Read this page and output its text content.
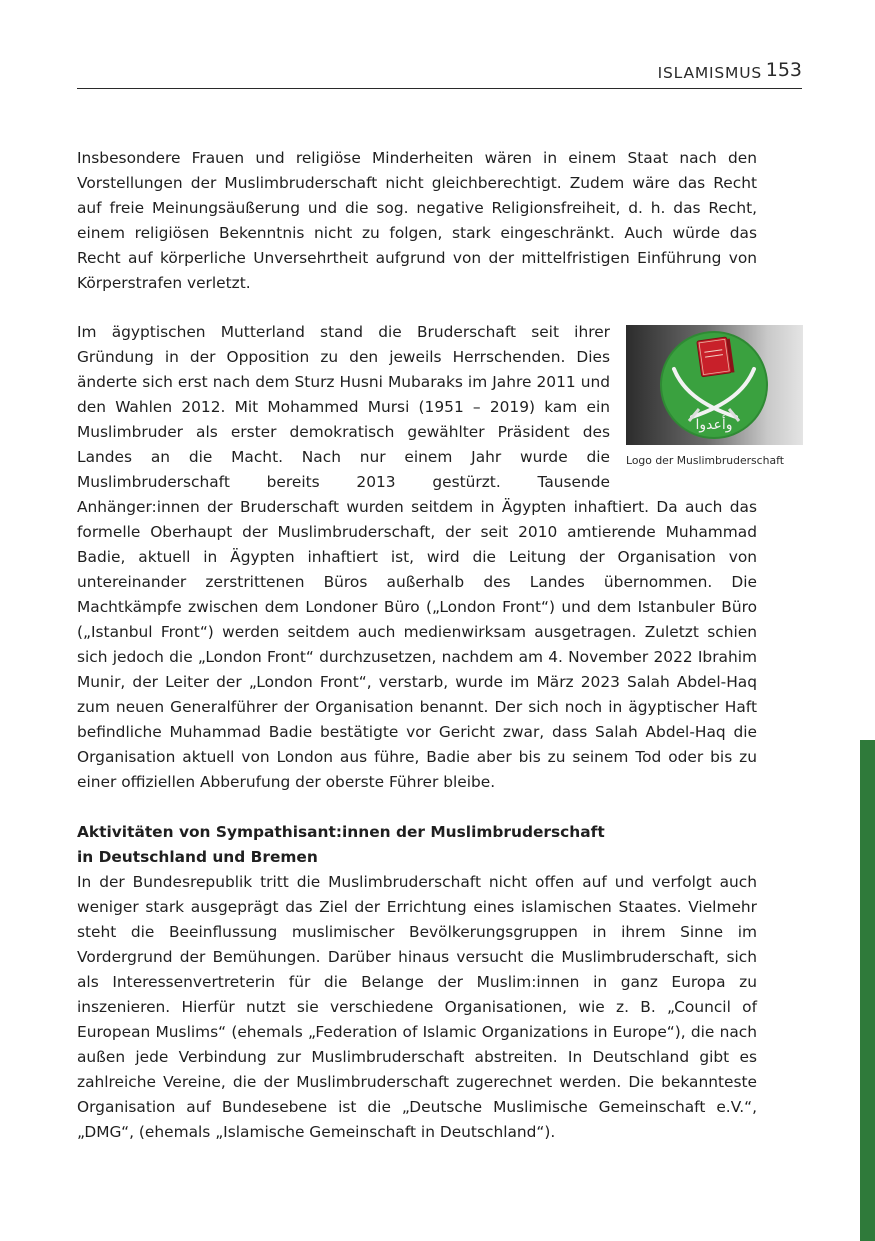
ISLAMISMUS 153

Insbesondere Frauen und religiöse Minderheiten wären in einem Staat nach den Vorstellungen der Muslimbruderschaft nicht gleichberechtigt. Zudem wäre das Recht auf freie Meinungsäußerung und die sog. negative Religionsfreiheit, d. h. das Recht, einem religiösen Bekenntnis nicht zu folgen, stark eingeschränkt. Auch würde das Recht auf körperliche Unversehrtheit aufgrund von der mittelfristigen Einführung von Körperstrafen verletzt.

وأعدوا
Logo der Muslimbruderschaft
Im ägyptischen Mutterland stand die Bruderschaft seit ihrer Gründung in der Opposition zu den jeweils Herrschenden. Dies änderte sich erst nach dem Sturz Husni Mubaraks im Jahre 2011 und den Wahlen 2012. Mit Mohammed Mursi (1951 – 2019) kam ein Muslimbruder als erster demokratisch gewählter Präsident des Landes an die Macht. Nach nur einem Jahr wurde die Muslimbruderschaft bereits 2013 gestürzt. Tausende Anhänger:innen der Bruderschaft wurden seitdem in Ägypten inhaftiert. Da auch das formelle Oberhaupt der Muslimbruderschaft, der seit 2010 amtierende Muhammad Badie, aktuell in Ägypten inhaftiert ist, wird die Leitung der Organisation von untereinander zerstrittenen Büros außerhalb des Landes übernommen. Die Machtkämpfe zwischen dem Londoner Büro („London Front“) und dem Istanbuler Büro („Istanbul Front“) werden seitdem auch medienwirksam ausgetragen. Zuletzt schien sich jedoch die „London Front“ durchzusetzen, nachdem am 4. November 2022 Ibrahim Munir, der Leiter der „London Front“, verstarb, wurde im März 2023 Salah Abdel-Haq zum neuen Generalführer der Organisation benannt. Der sich noch in ägyptischer Haft befindliche Muhammad Badie bestätigte vor Gericht zwar, dass Salah Abdel-Haq die Organisation aktuell von London aus führe, Badie aber bis zu seinem Tod oder bis zu einer offiziellen Abberufung der oberste Führer bleibe.
Aktivitäten von Sympathisant:innen der Muslimbruderschaft
in Deutschland und Bremen

In der Bundesrepublik tritt die Muslimbruderschaft nicht offen auf und verfolgt auch weniger stark ausgeprägt das Ziel der Errichtung eines islamischen Staates. Vielmehr steht die Beeinflussung muslimischer Bevölkerungsgruppen in ihrem Sinne im Vordergrund der Bemühungen. Darüber hinaus versucht die Muslimbruderschaft, sich als Interessenvertreterin für die Belange der Muslim:innen in ganz Europa zu inszenieren. Hierfür nutzt sie verschiedene Organisationen, wie z. B. „Council of European Muslims“ (ehemals „Federation of Islamic Organizations in Europe“), die nach außen jede Verbindung zur Muslimbruderschaft abstreiten. In Deutschland gibt es zahlreiche Vereine, die der Muslimbruderschaft zugerechnet werden. Die bekannteste Organisation auf Bundesebene ist die „Deutsche Muslimische Gemeinschaft e.V.“, „DMG“, (ehemals „Islamische Gemeinschaft in Deutschland“).
